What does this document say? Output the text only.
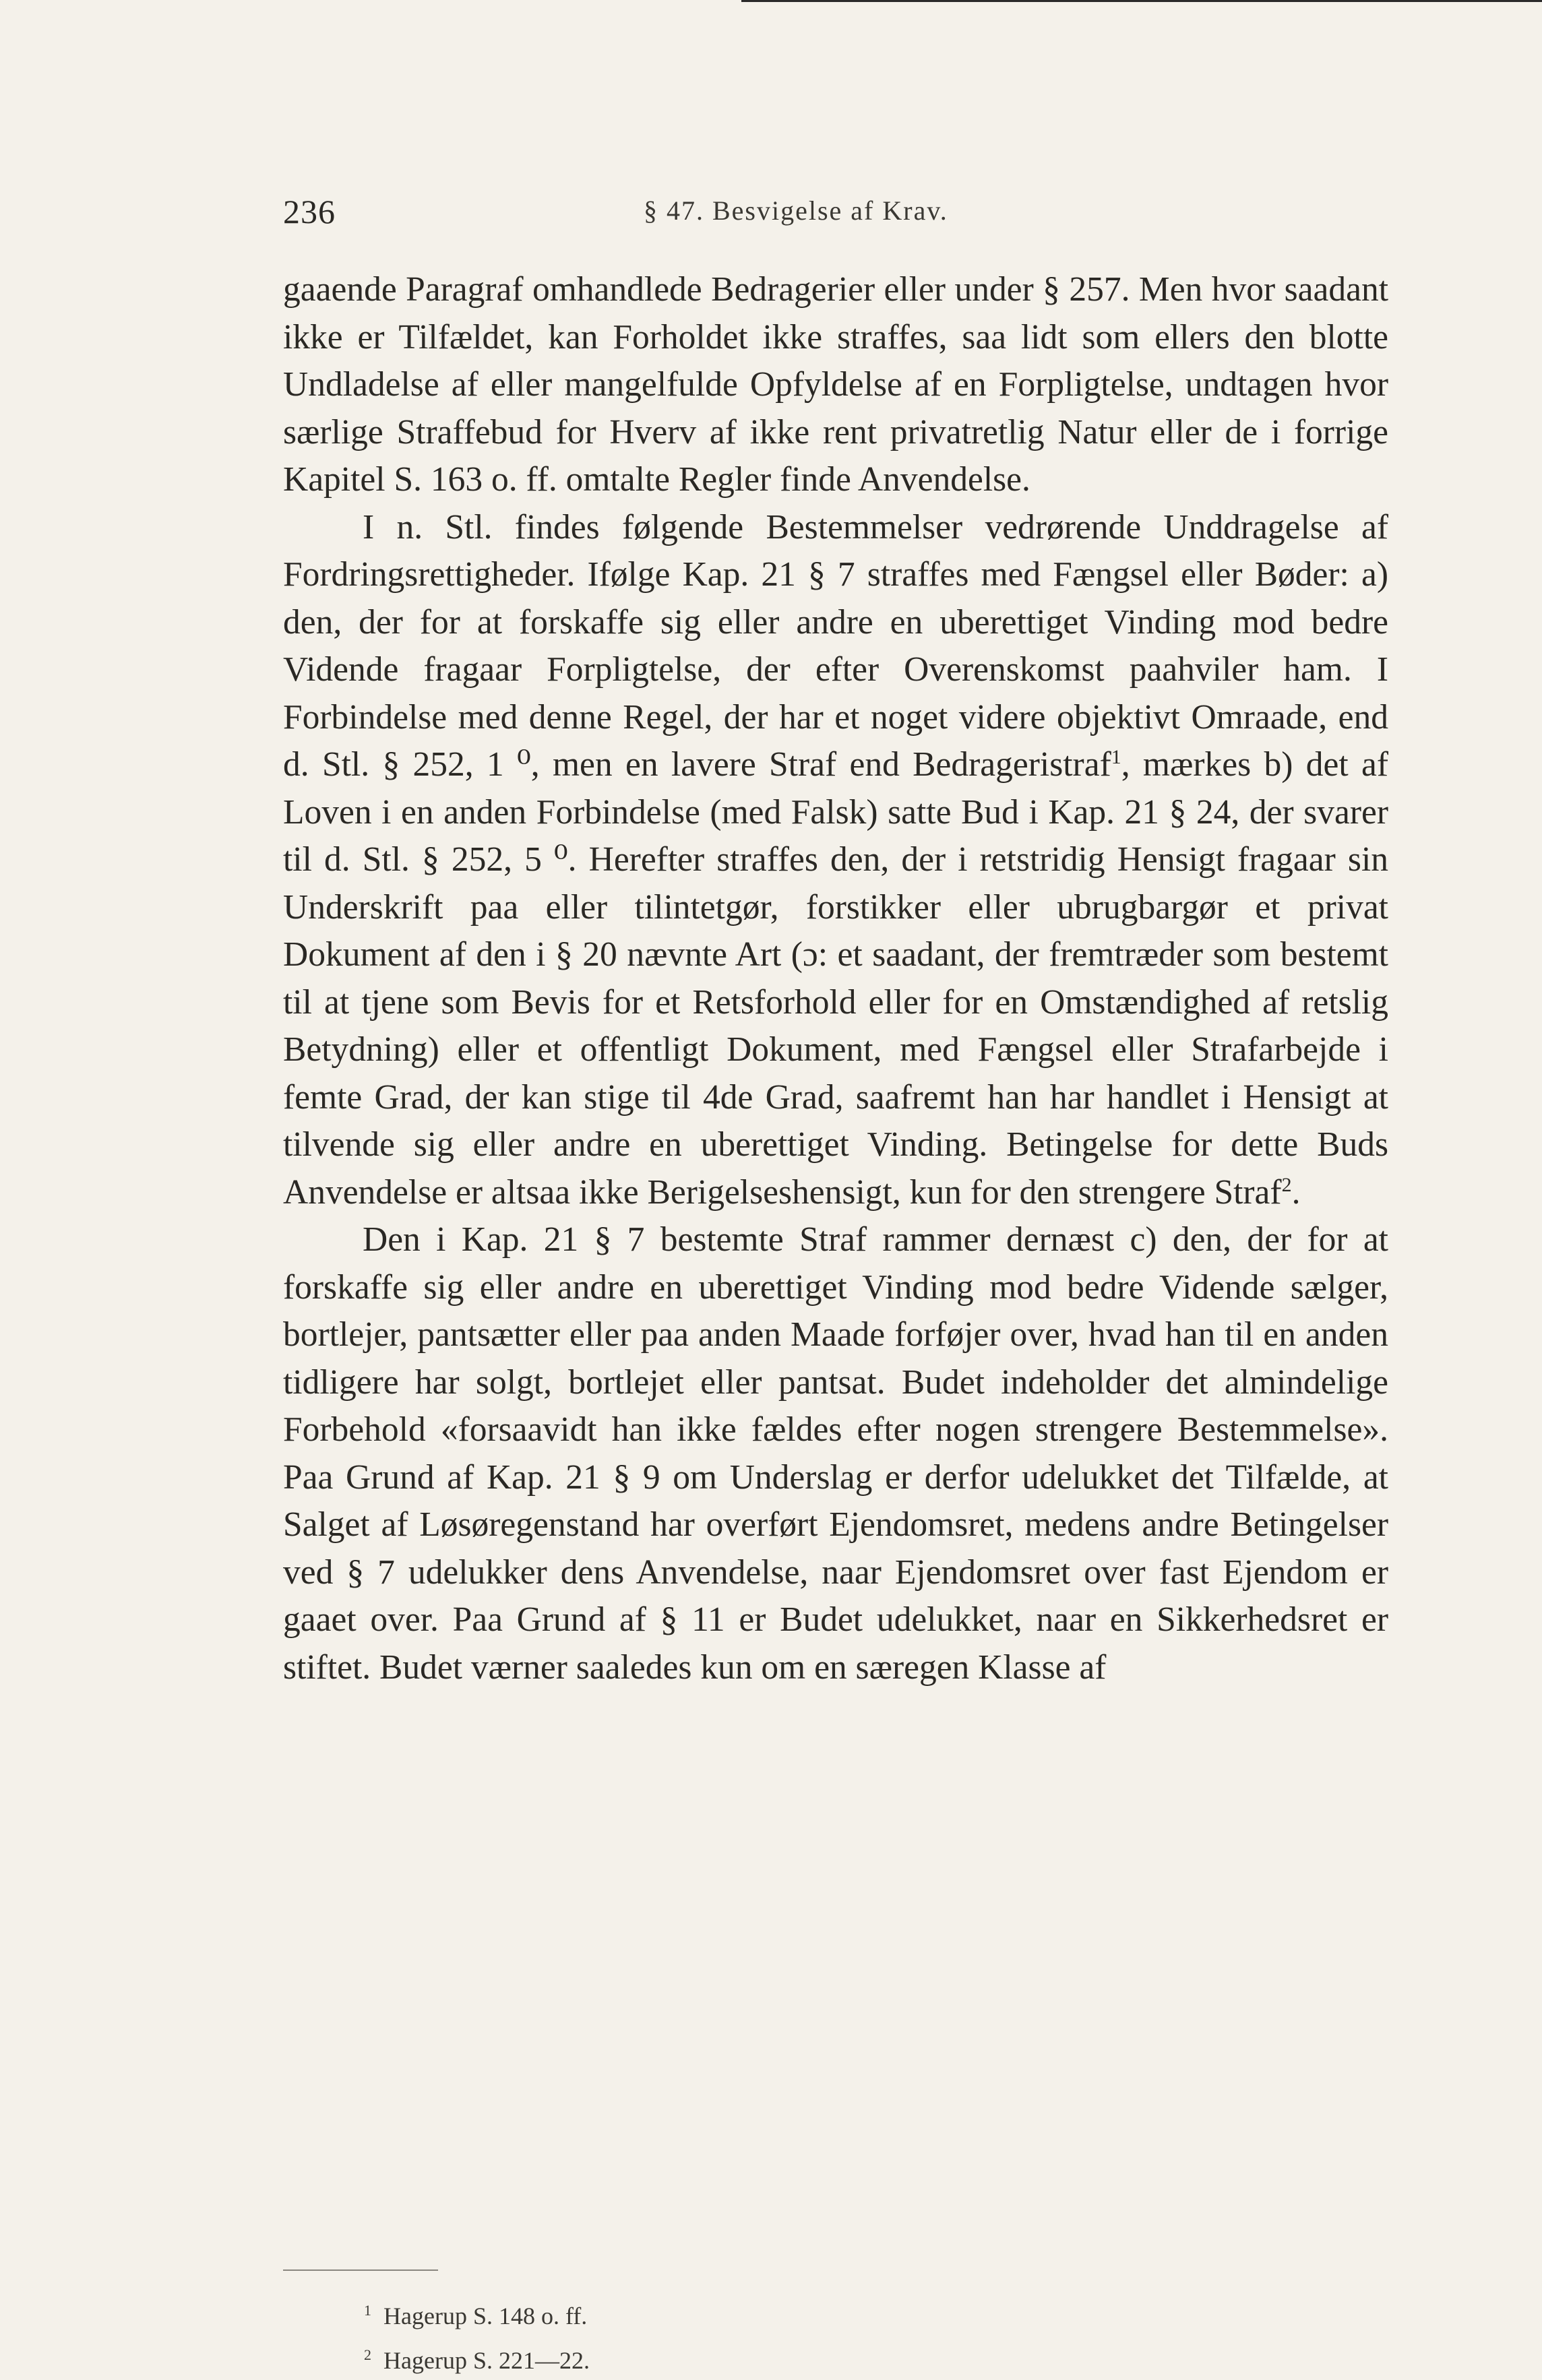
236	§ 47. Besvigelse af Krav.

gaaende Paragraf omhandlede Bedragerier eller under § 257. Men hvor saadant ikke er Tilfældet, kan Forholdet ikke straffes, saa lidt som ellers den blotte Undladelse af eller mangelfulde Opfyldelse af en Forpligtelse, undtagen hvor særlige Straffebud for Hverv af ikke rent privatretlig Natur eller de i forrige Kapitel S. 163 o. ff. omtalte Regler finde Anvendelse.

I n. Stl. findes følgende Bestemmelser vedrørende Unddragelse af Fordringsrettigheder. Ifølge Kap. 21 § 7 straffes med Fængsel eller Bøder: a) den, der for at forskaffe sig eller andre en uberettiget Vinding mod bedre Vidende fragaar Forpligtelse, der efter Overenskomst paahviler ham. I Forbindelse med denne Regel, der har et noget videre objektivt Omraade, end d. Stl. § 252, 1 ⁰, men en lavere Straf end Bedrageristraf$^1$, mærkes b) det af Loven i en anden Forbindelse (med Falsk) satte Bud i Kap. 21 § 24, der svarer til d. Stl. § 252, 5 ⁰. Herefter straffes den, der i retstridig Hensigt fragaar sin Underskrift paa eller tilintetgør, forstikker eller ubrugbargør et privat Dokument af den i § 20 nævnte Art (ɔ: et saadant, der fremtræder som bestemt til at tjene som Bevis for et Retsforhold eller for en Omstændighed af retslig Betydning) eller et offentligt Dokument, med Fængsel eller Strafarbejde i femte Grad, der kan stige til 4de Grad, saafremt han har handlet i Hensigt at tilvende sig eller andre en uberettiget Vinding. Betingelse for dette Buds Anvendelse er altsaa ikke Berigelseshensigt, kun for den strengere Straf$^2$.

Den i Kap. 21 § 7 bestemte Straf rammer dernæst c) den, der for at forskaffe sig eller andre en uberettiget Vinding mod bedre Vidende sælger, bortlejer, pantsætter eller paa anden Maade forføjer over, hvad han til en anden tidligere har solgt, bortlejet eller pantsat. Budet indeholder det almindelige Forbehold «forsaavidt han ikke fældes efter nogen strengere Bestemmelse». Paa Grund af Kap. 21 § 9 om Underslag er derfor udelukket det Tilfælde, at Salget af Løsøregenstand har overført Ejendomsret, medens andre Betingelser ved § 7 udelukker dens Anvendelse, naar Ejendomsret over fast Ejendom er gaaet over. Paa Grund af § 11 er Budet udelukket, naar en Sikkerhedsret er stiftet. Budet værner saaledes kun om en særegen Klasse af

$^1$ Hagerup S. 148 o. ff.
$^2$ Hagerup S. 221—22.
